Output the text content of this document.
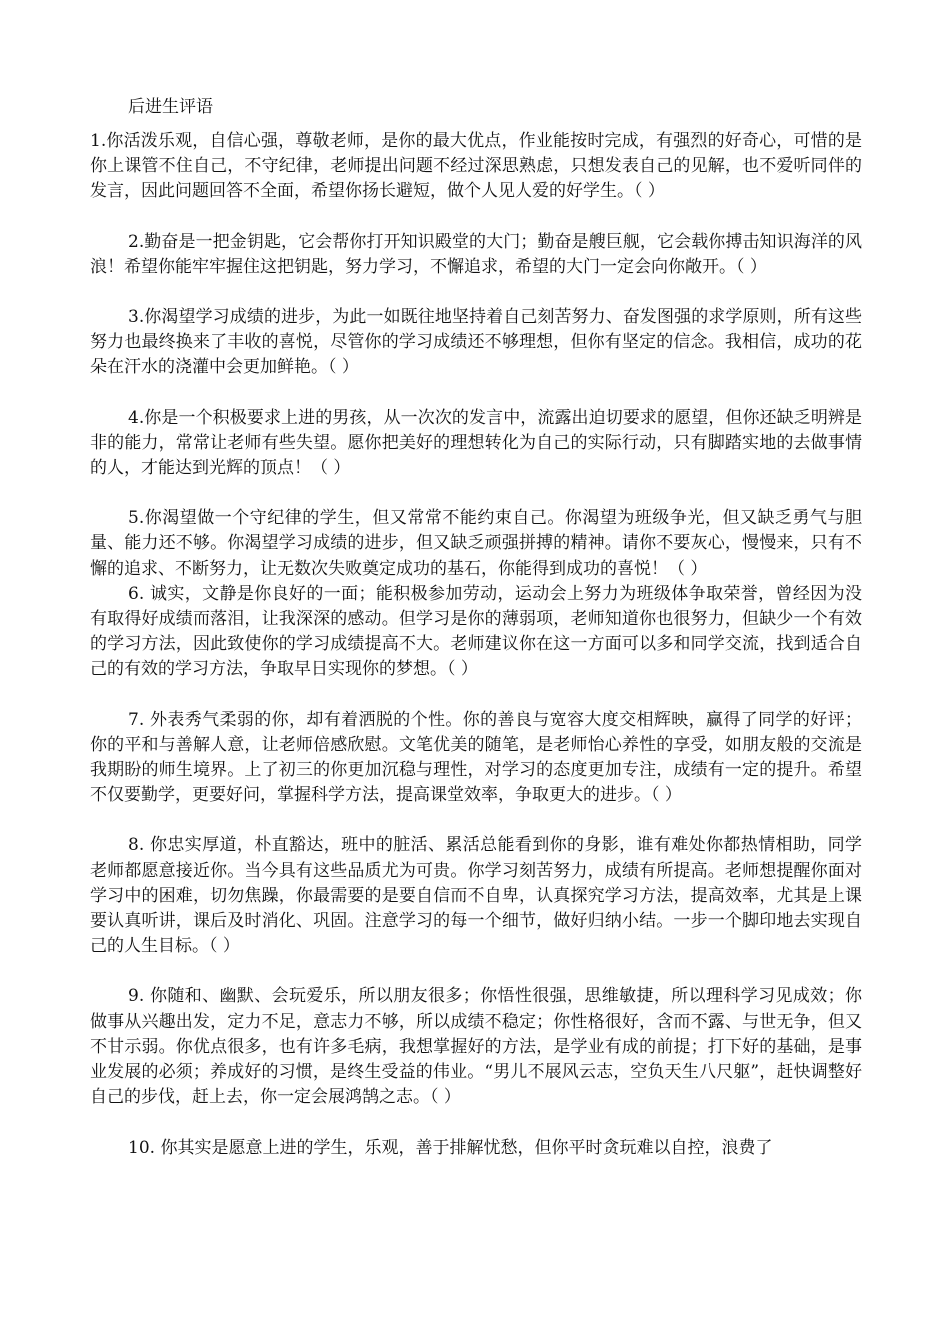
后进生评语

1.你活泼乐观，自信心强，尊敬老师，是你的最大优点，作业能按时完成，有强烈的好奇心，可惜的是你上课管不住自己，不守纪律，老师提出问题不经过深思熟虑，只想发表自己的见解，也不爱听同伴的发言，因此问题回答不全面，希望你扬长避短，做个人见人爱的好学生。（ ）

2.勤奋是一把金钥匙，它会帮你打开知识殿堂的大门；勤奋是艘巨舰，它会载你搏击知识海洋的风浪！希望你能牢牢握住这把钥匙，努力学习，不懈追求，希望的大门一定会向你敞开。（ ）

3.你渴望学习成绩的进步，为此一如既往地坚持着自己刻苦努力、奋发图强的求学原则，所有这些努力也最终换来了丰收的喜悦，尽管你的学习成绩还不够理想，但你有坚定的信念。我相信，成功的花朵在汗水的浇灌中会更加鲜艳。（ ）

4.你是一个积极要求上进的男孩，从一次次的发言中，流露出迫切要求的愿望，但你还缺乏明辨是非的能力，常常让老师有些失望。愿你把美好的理想转化为自己的实际行动，只有脚踏实地的去做事情的人，才能达到光辉的顶点！（ ）

5.你渴望做一个守纪律的学生，但又常常不能约束自己。你渴望为班级争光，但又缺乏勇气与胆量、能力还不够。你渴望学习成绩的进步，但又缺乏顽强拼搏的精神。请你不要灰心，慢慢来，只有不懈的追求、不断努力，让无数次失败奠定成功的基石，你能得到成功的喜悦！（ ）

6. 诚实，文静是你良好的一面；能积极参加劳动，运动会上努力为班级体争取荣誉，曾经因为没有取得好成绩而落泪，让我深深的感动。但学习是你的薄弱项，老师知道你也很努力，但缺少一个有效的学习方法，因此致使你的学习成绩提高不大。老师建议你在这一方面可以多和同学交流，找到适合自己的有效的学习方法，争取早日实现你的梦想。（ ）

7. 外表秀气柔弱的你，却有着洒脱的个性。你的善良与宽容大度交相辉映，赢得了同学的好评；你的平和与善解人意，让老师倍感欣慰。文笔优美的随笔，是老师怡心养性的享受，如朋友般的交流是我期盼的师生境界。上了初三的你更加沉稳与理性，对学习的态度更加专注，成绩有一定的提升。希望不仅要勤学，更要好问，掌握科学方法，提高课堂效率，争取更大的进步。（ ）

8. 你忠实厚道，朴直豁达，班中的脏活、累活总能看到你的身影，谁有难处你都热情相助，同学老师都愿意接近你。当今具有这些品质尤为可贵。你学习刻苦努力，成绩有所提高。老师想提醒你面对学习中的困难，切勿焦躁，你最需要的是要自信而不自卑，认真探究学习方法，提高效率，尤其是上课要认真听讲，课后及时消化、巩固。注意学习的每一个细节，做好归纳小结。一步一个脚印地去实现自己的人生目标。（ ）

9. 你随和、幽默、会玩爱乐，所以朋友很多；你悟性很强，思维敏捷，所以理科学习见成效；你做事从兴趣出发，定力不足，意志力不够，所以成绩不稳定；你性格很好，含而不露、与世无争，但又不甘示弱。你优点很多，也有许多毛病，我想掌握好的方法，是学业有成的前提；打下好的基础，是事业发展的必须；养成好的习惯，是终生受益的伟业。“男儿不展风云志，空负天生八尺躯”，赶快调整好自己的步伐，赶上去，你一定会展鸿鹄之志。（ ）

10. 你其实是愿意上进的学生，乐观，善于排解忧愁，但你平时贪玩难以自控，浪费了
